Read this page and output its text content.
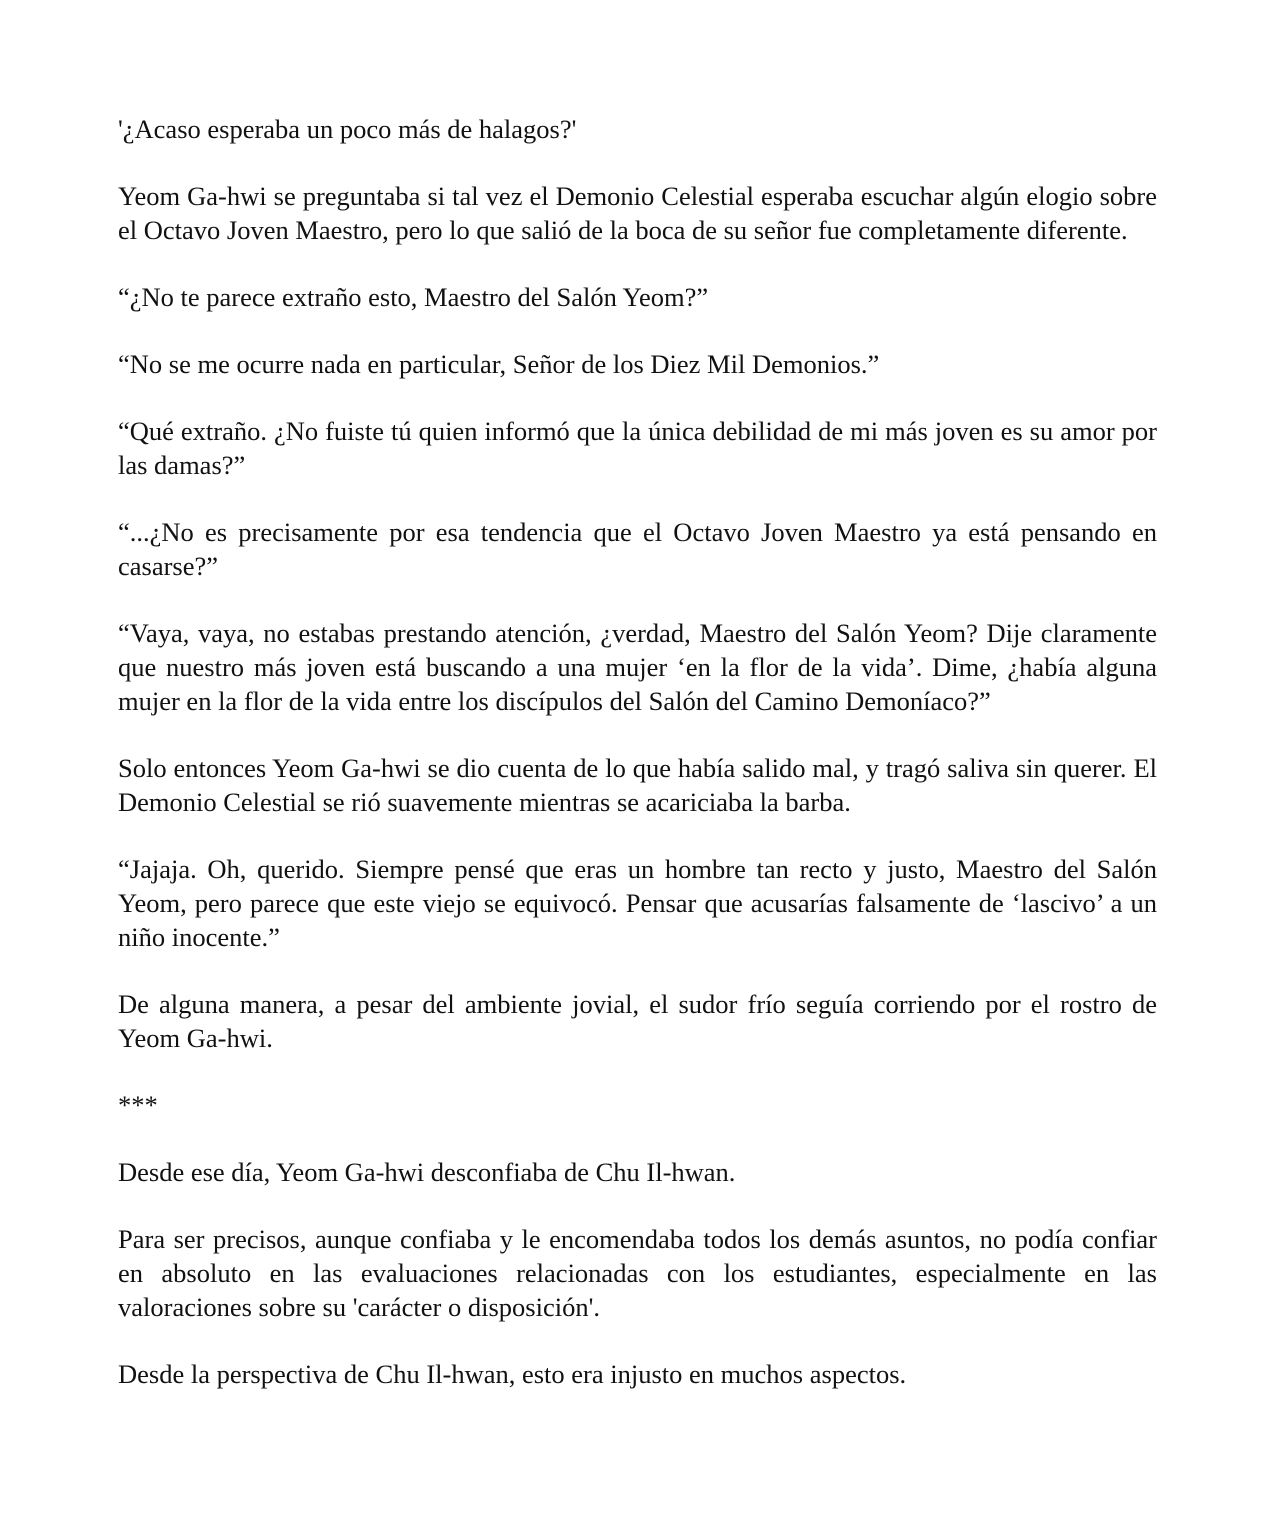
'¿Acaso esperaba un poco más de halagos?'

Yeom Ga-hwi se preguntaba si tal vez el Demonio Celestial esperaba escuchar algún elogio sobre el Octavo Joven Maestro, pero lo que salió de la boca de su señor fue completamente diferente.

“¿No te parece extraño esto, Maestro del Salón Yeom?”

“No se me ocurre nada en particular, Señor de los Diez Mil Demonios.”

“Qué extraño. ¿No fuiste tú quien informó que la única debilidad de mi más joven es su amor por las damas?”

“...¿No es precisamente por esa tendencia que el Octavo Joven Maestro ya está pensando en casarse?”

“Vaya, vaya, no estabas prestando atención, ¿verdad, Maestro del Salón Yeom? Dije claramente que nuestro más joven está buscando a una mujer ‘en la flor de la vida’. Dime, ¿había alguna mujer en la flor de la vida entre los discípulos del Salón del Camino Demoníaco?”

Solo entonces Yeom Ga-hwi se dio cuenta de lo que había salido mal, y tragó saliva sin querer. El Demonio Celestial se rió suavemente mientras se acariciaba la barba.

“Jajaja. Oh, querido. Siempre pensé que eras un hombre tan recto y justo, Maestro del Salón Yeom, pero parece que este viejo se equivocó. Pensar que acusarías falsamente de ‘lascivo’ a un niño inocente.”

De alguna manera, a pesar del ambiente jovial, el sudor frío seguía corriendo por el rostro de Yeom Ga-hwi.

***

Desde ese día, Yeom Ga-hwi desconfiaba de Chu Il-hwan.

Para ser precisos, aunque confiaba y le encomendaba todos los demás asuntos, no podía confiar en absoluto en las evaluaciones relacionadas con los estudiantes, especialmente en las valoraciones sobre su 'carácter o disposición'.

Desde la perspectiva de Chu Il-hwan, esto era injusto en muchos aspectos.
